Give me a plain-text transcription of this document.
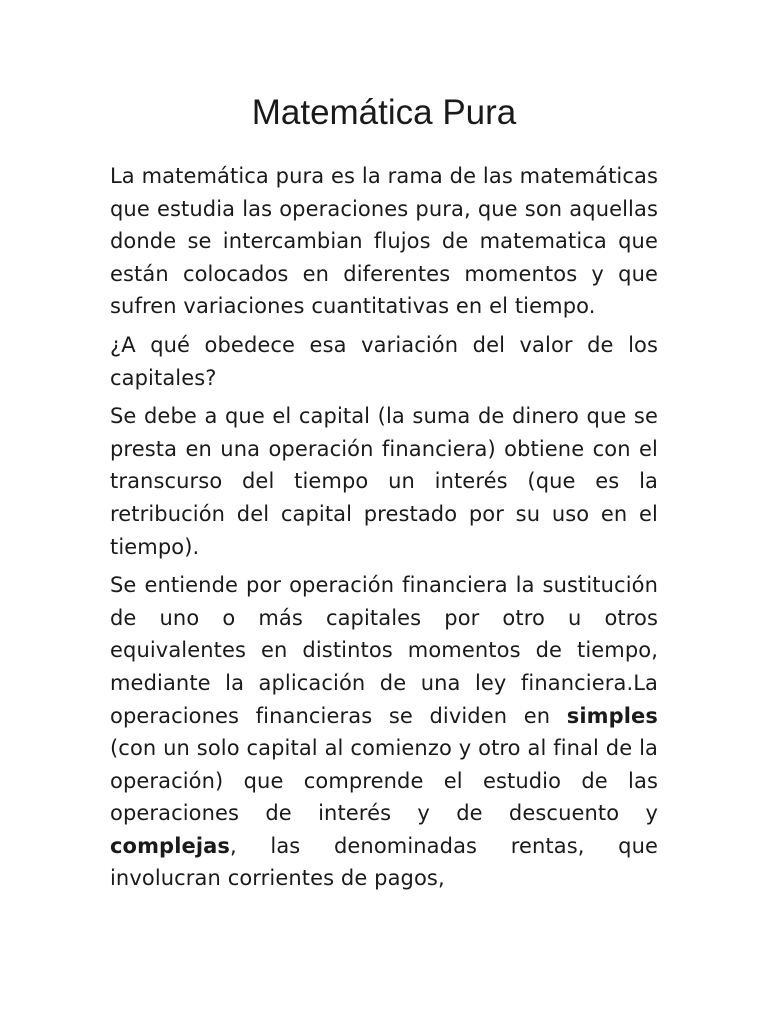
Matemática Pura

La matemática pura es la rama de las matemáticas que estudia las operaciones pura, que son aquellas donde se intercambian flujos de matematica que están colocados en diferentes momentos y que sufren variaciones cuantitativas en el tiempo.

¿A qué obedece esa variación del valor de los capitales?

Se debe a que el capital (la suma de dinero que se presta en una operación financiera) obtiene con el transcurso del tiempo un interés (que es la retribución del capital prestado por su uso en el tiempo).

Se entiende por operación financiera la sustitución de uno o más capitales por otro u otros equivalentes en distintos momentos de tiempo, mediante la aplicación de una ley financiera.La operaciones financieras se dividen en simples (con un solo capital al comienzo y otro al final de la operación) que comprende el estudio de las operaciones de interés y de descuento y complejas, las denominadas rentas, que involucran corrientes de pagos,
